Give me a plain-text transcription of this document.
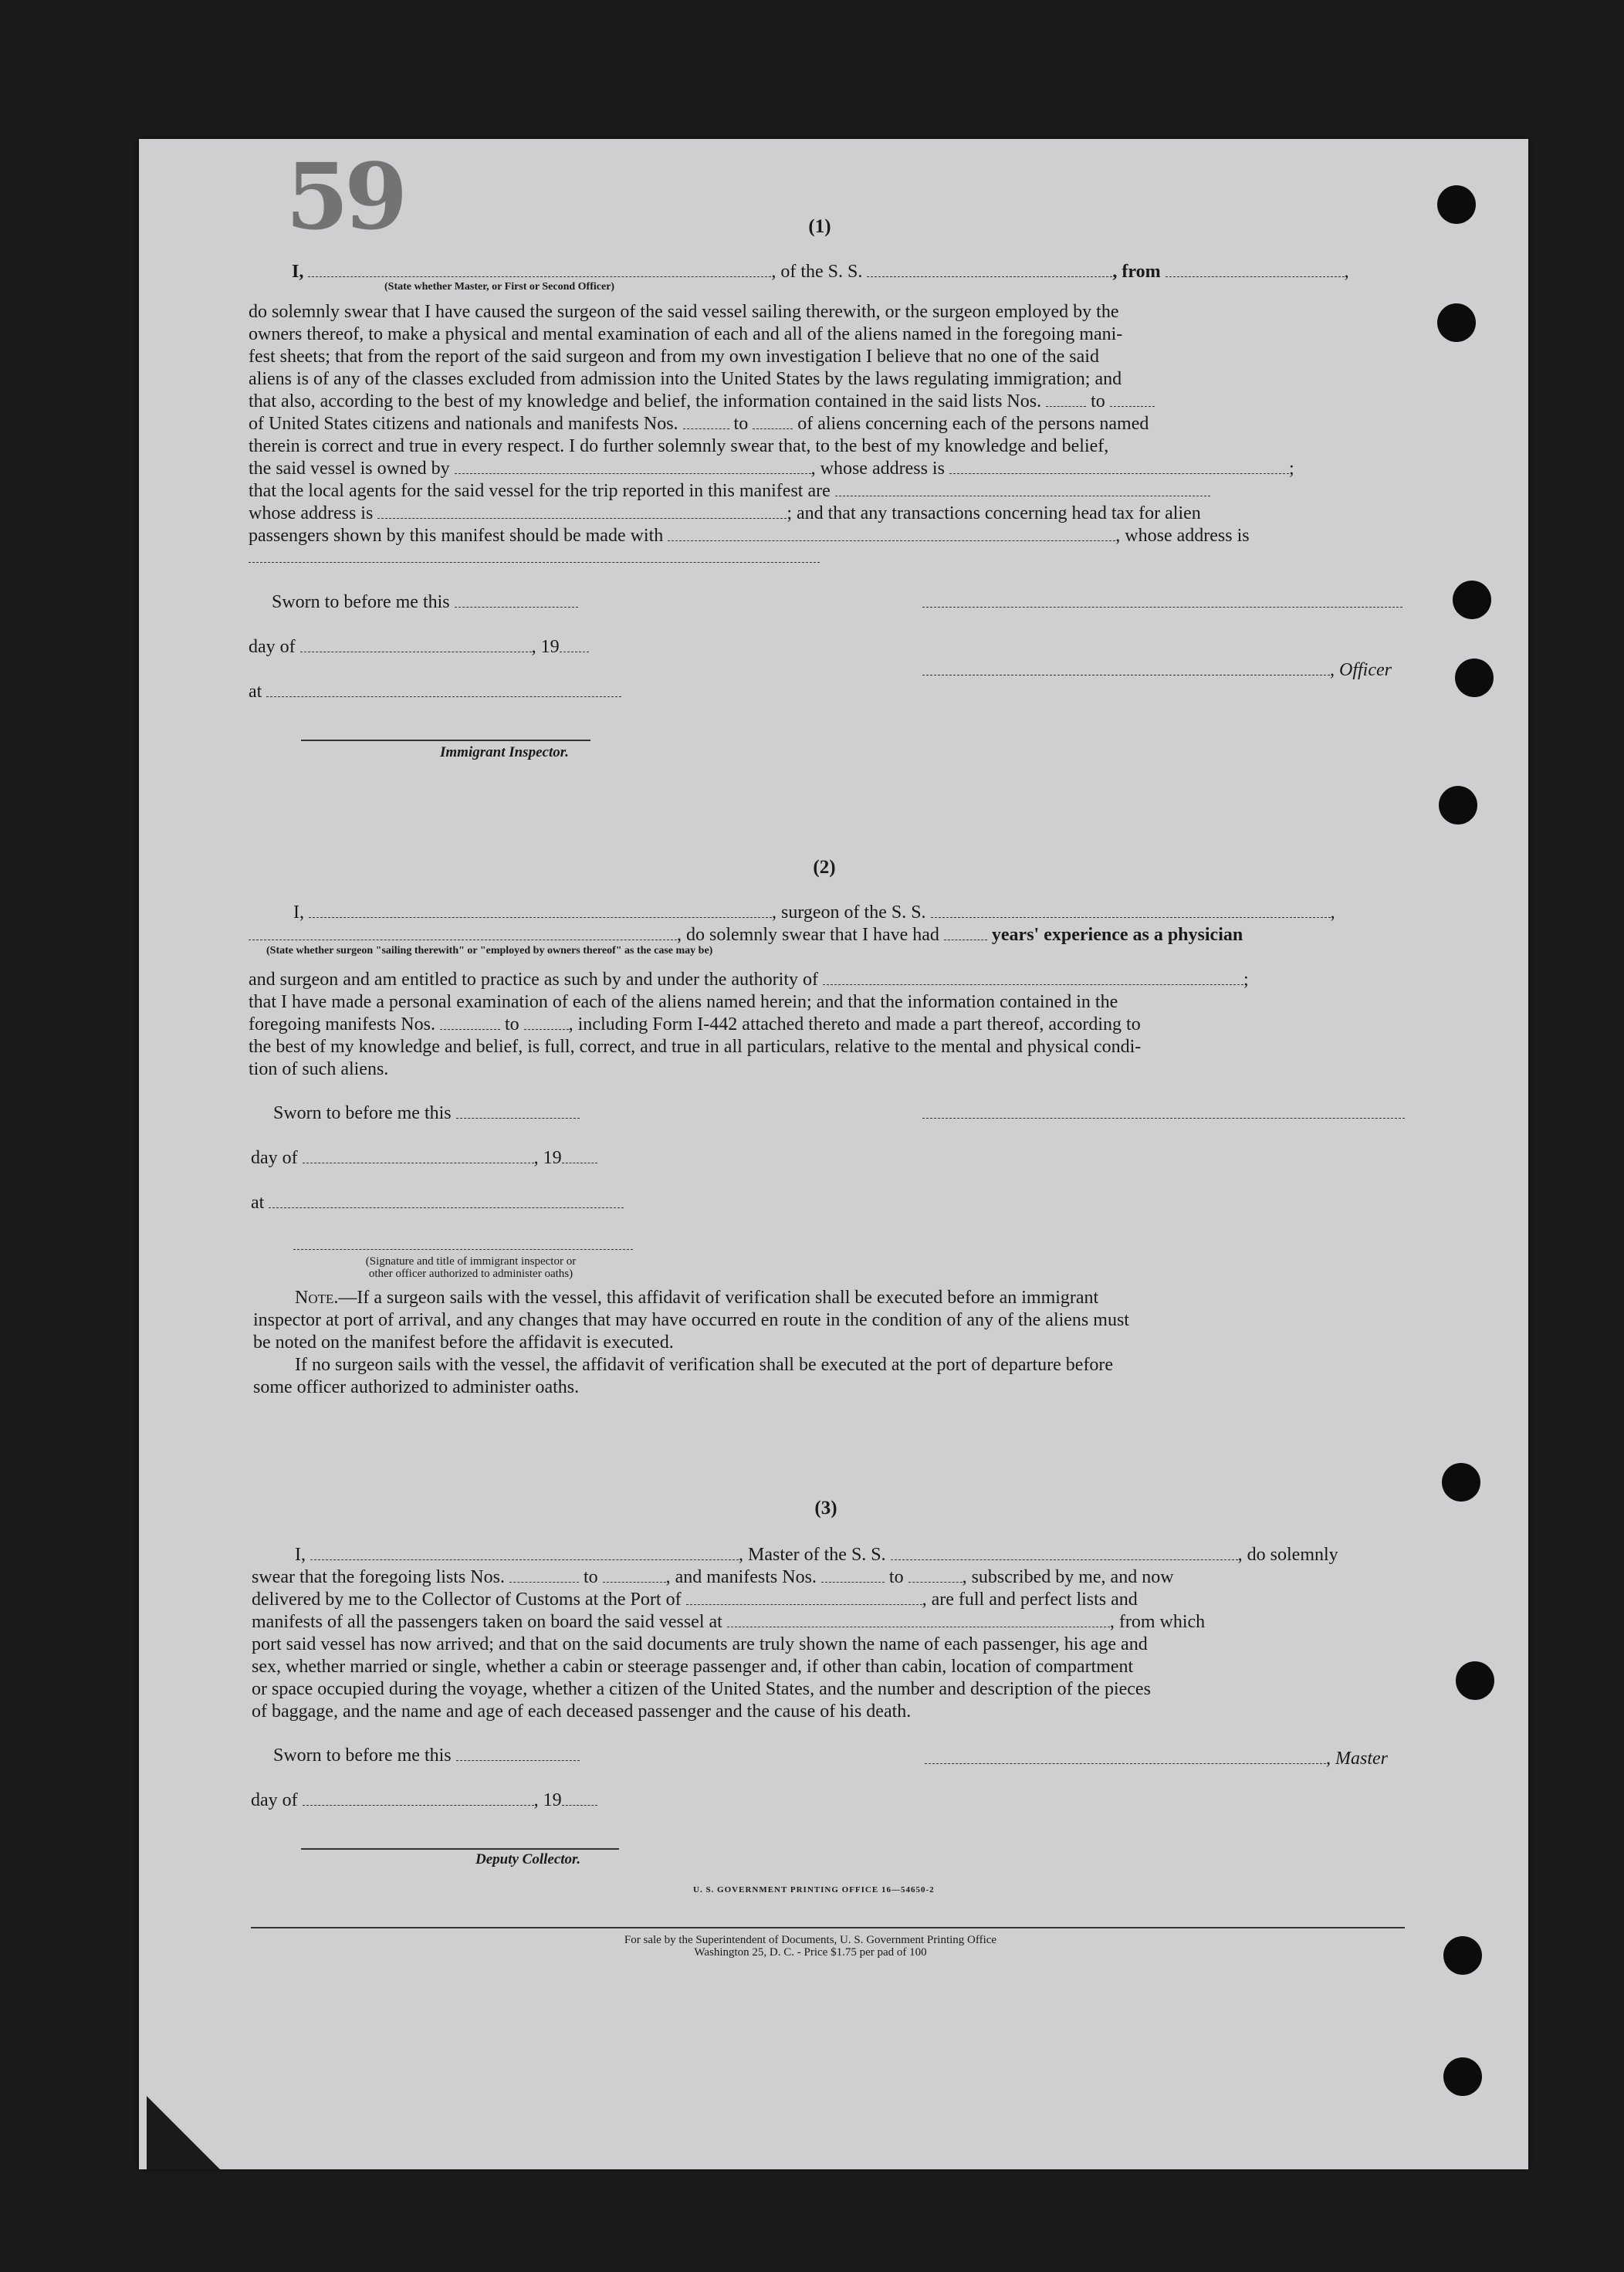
59	(1)
I,	, of the S. S.	, from	,
(State whether Master, or First or Second Officer)
do solemnly swear that I have caused the surgeon of the said vessel sailing therewith, or the surgeon employed by the
owners thereof, to make a physical and mental examination of each and all of the aliens named in the foregoing mani-
fest sheets; that from the report of the said surgeon and from my own investigation I believe that no one of the said
aliens is of any of the classes excluded from admission into the United States by the laws regulating immigration; and
that also, according to the best of my knowledge and belief, the information contained in the said lists Nos.	to
of United States citizens and nationals and manifests Nos.	to	of aliens concerning each of the persons named
therein is correct and true in every respect. I do further solemnly swear that, to the best of my knowledge and belief,
the said vessel is owned by	, whose address is	;
that the local agents for the said vessel for the trip reported in this manifest are
whose address is	; and that any transactions concerning head tax for alien
passengers shown by this manifest should be made with	, whose address is
Sworn to before me this
day of	, 19
, Officer
at
Immigrant Inspector.
(2)
I,	, surgeon of the S. S.	,
, do solemnly swear that I have had	years' experience as a physician
(State whether surgeon "sailing therewith" or "employed by owners thereof" as the case may be)
and surgeon and am entitled to practice as such by and under the authority of	;
that I have made a personal examination of each of the aliens named herein; and that the information contained in the
foregoing manifests Nos.	to	, including Form I-442 attached thereto and made a part thereof, according to
the best of my knowledge and belief, is full, correct, and true in all particulars, relative to the mental and physical condi-
tion of such aliens.
Sworn to before me this
day of	, 19
at
(Signature and title of immigrant inspector or
other officer authorized to administer oaths)
Note.—If a surgeon sails with the vessel, this affidavit of verification shall be executed before an immigrant
inspector at port of arrival, and any changes that may have occurred en route in the condition of any of the aliens must
be noted on the manifest before the affidavit is executed.
If no surgeon sails with the vessel, the affidavit of verification shall be executed at the port of departure before
some officer authorized to administer oaths.
(3)
I,	, Master of the S. S.	, do solemnly
swear that the foregoing lists Nos.	to	, and manifests Nos.	to	, subscribed by me, and now
delivered by me to the Collector of Customs at the Port of	, are full and perfect lists and
manifests of all the passengers taken on board the said vessel at	, from which
port said vessel has now arrived; and that on the said documents are truly shown the name of each passenger, his age and
sex, whether married or single, whether a cabin or steerage passenger and, if other than cabin, location of compartment
or space occupied during the voyage, whether a citizen of the United States, and the number and description of the pieces
of baggage, and the name and age of each deceased passenger and the cause of his death.
Sworn to before me this	, Master
day of	, 19
Deputy Collector.
U. S. GOVERNMENT PRINTING OFFICE 16—54650-2
For sale by the Superintendent of Documents, U. S. Government Printing Office
Washington 25, D. C. - Price $1.75 per pad of 100
